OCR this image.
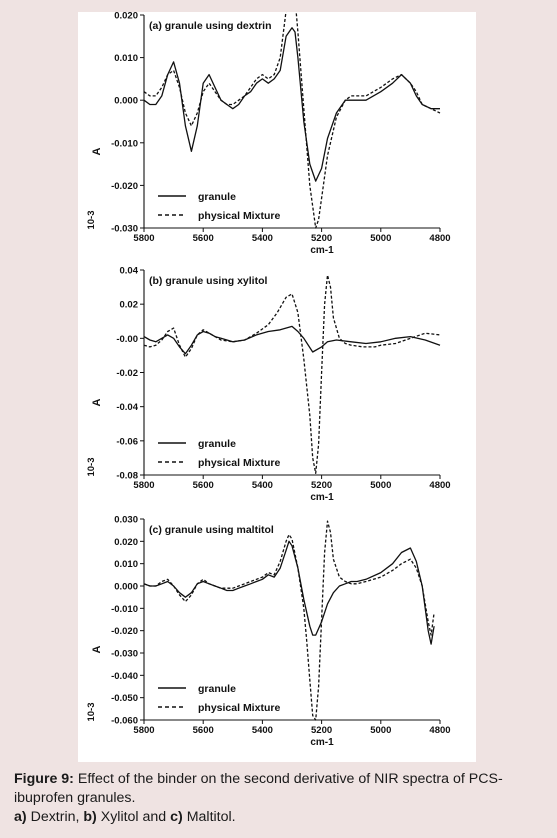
0.020
0.010
0.000
-0.010
-0.020
-0.030
5800	5600	5400	5200	5000	4800
cm-1
A
10-3
(a) granule using dextrin
granule
physical Mixture
0.04
0.02
-0.00
-0.02
-0.04
-0.06
-0.08
5800	5600	5400	5200	5000	4800
cm-1
A
10-3
(b) granule using xylitol
granule
physical Mixture
0.030
0.020
0.010
0.000
-0.010
-0.020
-0.030
-0.040
-0.050
-0.060
5800	5600	5400	5200	5000	4800
cm-1
A
10-3
(c) granule using maltitol
granule
physical Mixture
Figure 9: Effect of the binder on the second derivative of NIR spectra of PCS-ibuprofen granules.
a) Dextrin, b) Xylitol and c) Maltitol.
